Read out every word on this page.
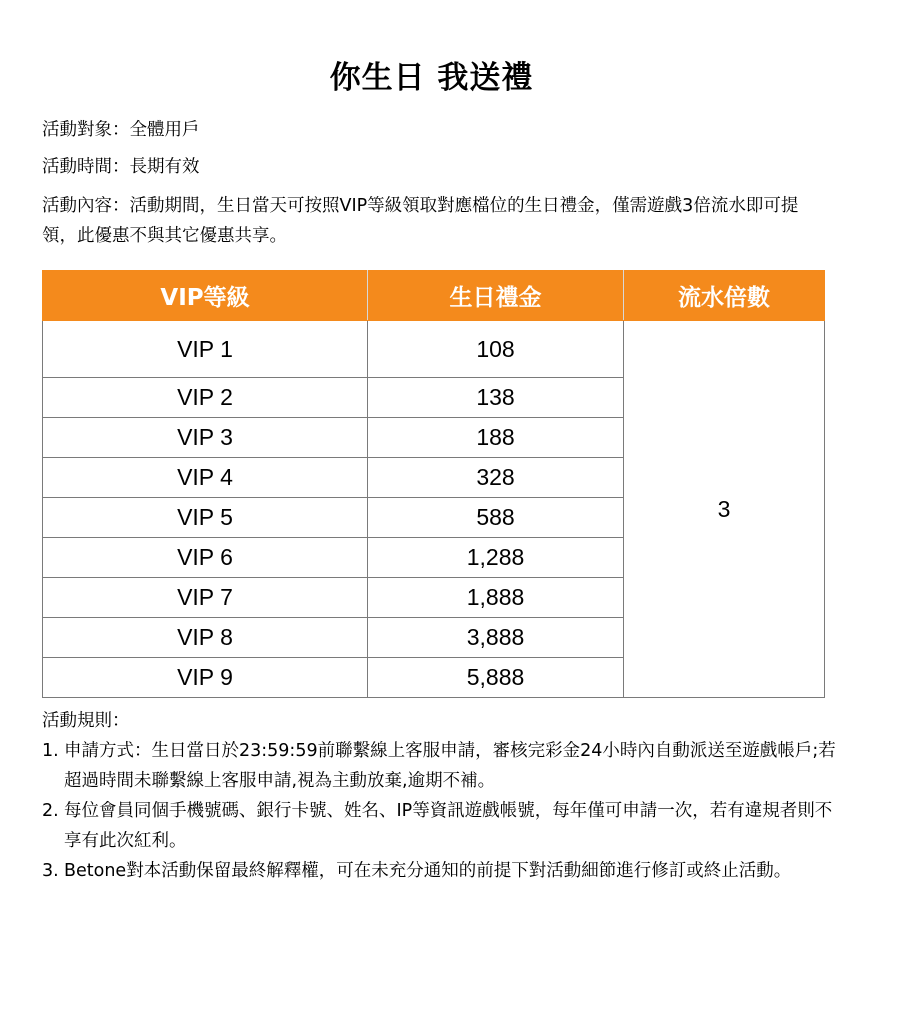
你生日 我送禮
活動對象：全體用戶
活動時間：長期有效
活動內容：活動期間，生日當天可按照VIP等級領取對應檔位的生日禮金，僅需遊戲3倍流水即可提領，此優惠不與其它優惠共享。
VIP等級	生日禮金	流水倍數
VIP 1	108	3
VIP 2	138	
VIP 3	188	
VIP 4	328	
VIP 5	588	
VIP 6	1,288	
VIP 7	1,888	
VIP 8	3,888	
VIP 9	5,888	
活動規則：
1. 申請方式：生日當日於23:59:59前聯繫線上客服申請，審核完彩金24小時內自動派送至遊戲帳戶;若超過時間未聯繫線上客服申請,視為主動放棄,逾期不補。
2. 每位會員同個手機號碼、銀行卡號、姓名、IP等資訊遊戲帳號，每年僅可申請一次，若有違規者則不享有此次紅利。
3. Betone對本活動保留最終解釋權，可在未充分通知的前提下對活動細節進行修訂或終止活動。
